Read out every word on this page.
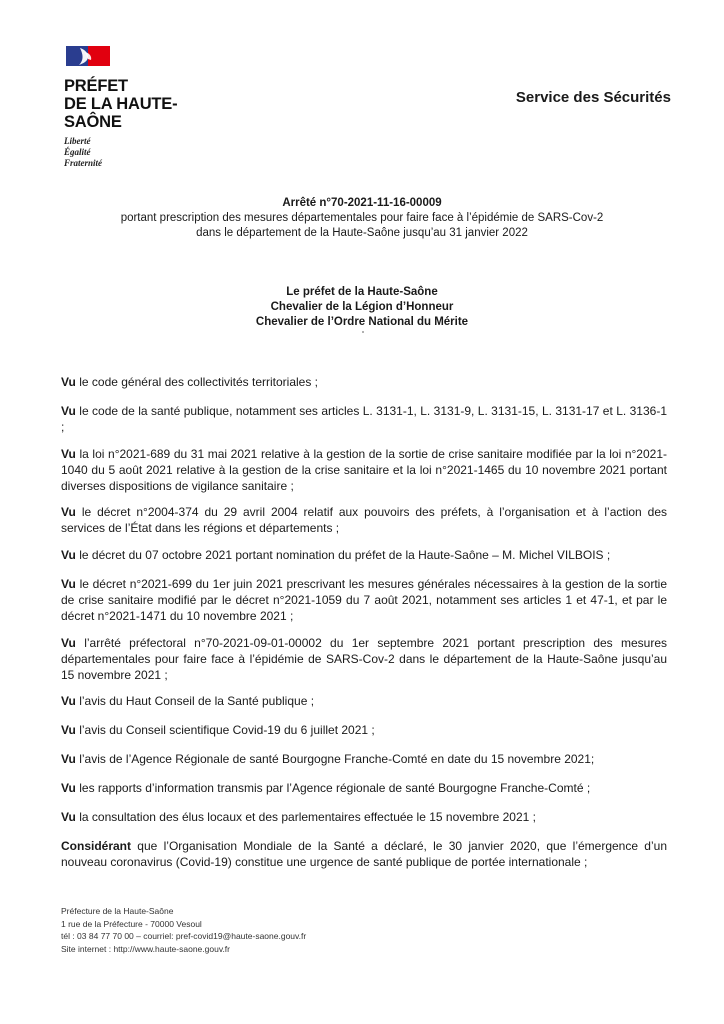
PRÉFET
DE LA HAUTE-
SAÔNE
Liberté
Égalité
Fraternité
Service des Sécurités
Arrêté n°70-2021-11-16-00009
portant prescription des mesures départementales pour faire face à l’épidémie de SARS-Cov-2
dans le département de la Haute-Saône jusqu’au 31 janvier 2022
Le préfet de la Haute-Saône
Chevalier de la Légion d’Honneur
Chevalier de l’Ordre National du Mérite
Vu le code général des collectivités territoriales ;
Vu le code de la santé publique, notamment ses articles L. 3131-1, L. 3131-9, L. 3131-15, L. 3131-17 et L. 3136-1 ;
Vu la loi n°2021-689 du 31 mai 2021 relative à la gestion de la sortie de crise sanitaire modifiée par la loi n°2021-1040 du 5 août 2021 relative à la gestion de la crise sanitaire et la loi n°2021-1465 du 10 novembre 2021 portant diverses dispositions de vigilance sanitaire ;
Vu le décret n°2004-374 du 29 avril 2004 relatif aux pouvoirs des préfets, à l’organisation et à l’action des services de l’État dans les régions et départements ;
Vu le décret du 07 octobre 2021 portant nomination du préfet de la Haute-Saône – M. Michel VILBOIS ;
Vu le décret n°2021-699 du 1er juin 2021 prescrivant les mesures générales nécessaires à la gestion de la sortie de crise sanitaire modifié par le décret n°2021-1059 du 7 août 2021, notamment ses articles 1 et 47-1, et par le décret n°2021-1471 du 10 novembre 2021 ;
Vu l’arrêté préfectoral n°70-2021-09-01-00002 du 1er septembre 2021 portant prescription des mesures départementales pour faire face à l’épidémie de SARS-Cov-2 dans le département de la Haute-Saône jusqu’au 15 novembre 2021 ;
Vu l’avis du Haut Conseil de la Santé publique ;
Vu l’avis du Conseil scientifique Covid-19 du 6 juillet 2021 ;
Vu l’avis de l’Agence Régionale de santé Bourgogne Franche-Comté en date du 15 novembre 2021;
Vu les rapports d’information transmis par l’Agence régionale de santé Bourgogne Franche-Comté ;
Vu la consultation des élus locaux et des parlementaires effectuée le 15 novembre 2021 ;
Considérant que l’Organisation Mondiale de la Santé a déclaré, le 30 janvier 2020, que l’émergence d’un nouveau coronavirus (Covid-19) constitue une urgence de santé publique de portée internationale ;
Préfecture de la Haute-Saône
1 rue de la Préfecture - 70000 Vesoul
tél : 03 84 77 70 00 – courriel: pref-covid19@haute-saone.gouv.fr
Site internet : http://www.haute-saone.gouv.fr
